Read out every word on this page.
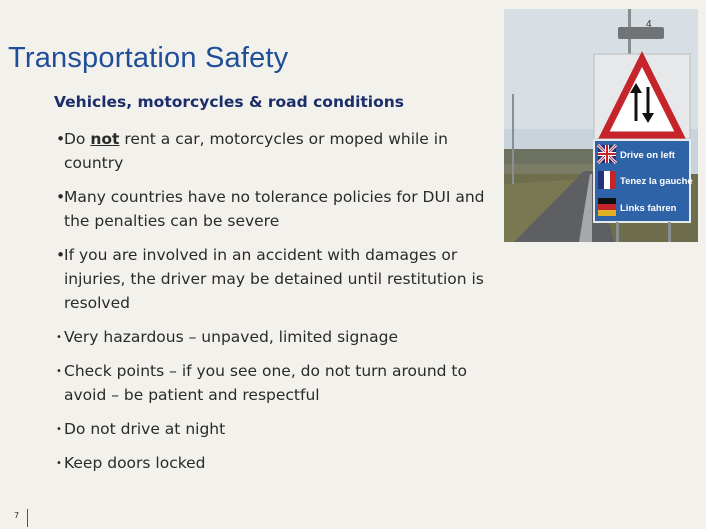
Transportation Safety
Vehicles, motorcycles & road conditions
•
Do not rent a car, motorcycles or moped while in country
•
Many countries have no tolerance policies for DUI and the penalties can be severe
•
If you are involved in an accident with damages or injuries, the driver may be detained until restitution is resolved
• Very hazardous – unpaved, limited signage
• Check points – if you see one, do not turn around to avoid – be patient and respectful
• Do not drive at night
• Keep doors locked
4
Drive on left
Tenez la gauche
Links fahren
7
